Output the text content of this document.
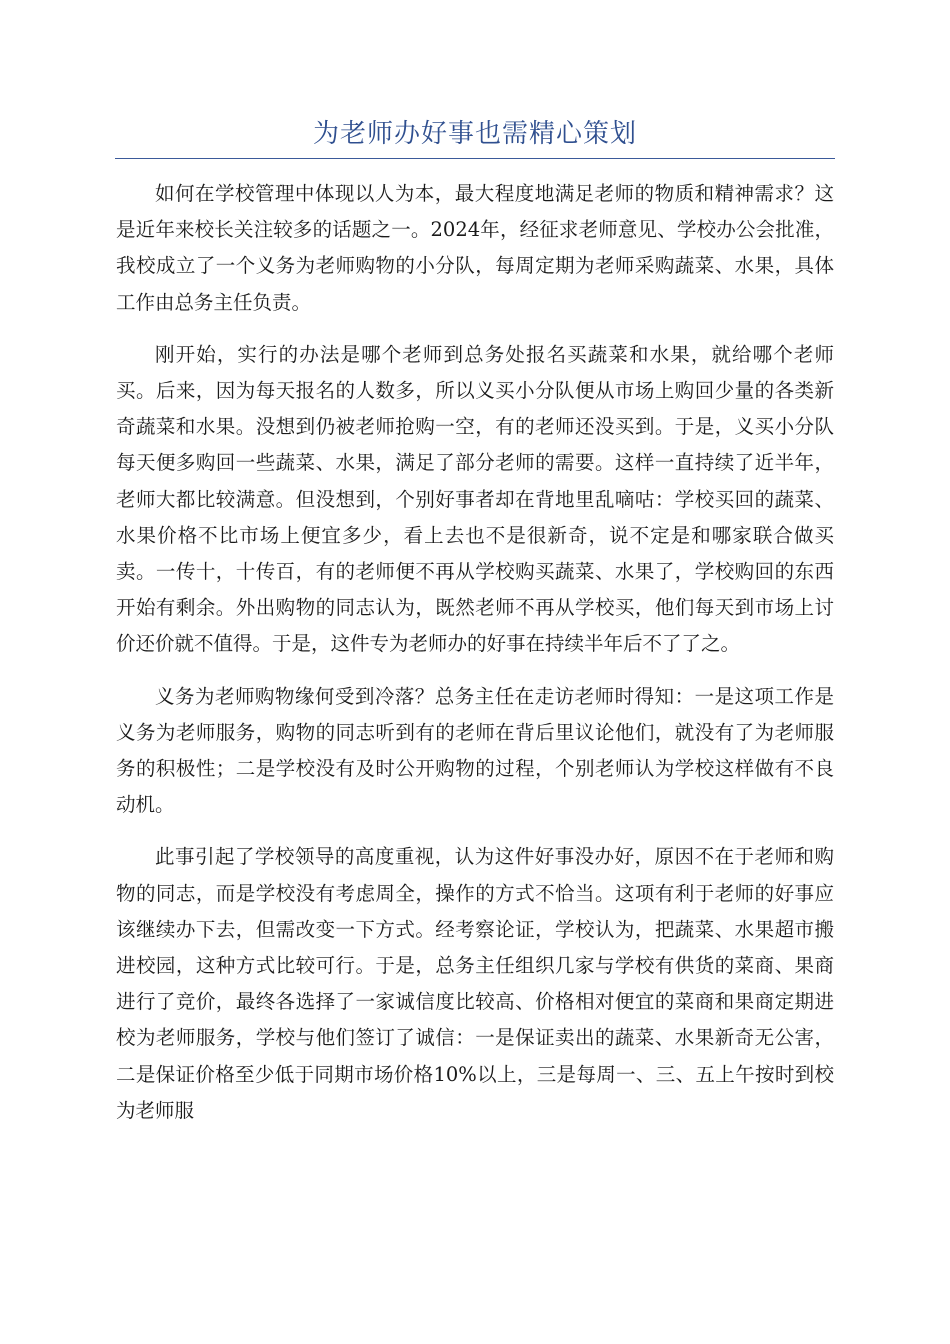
为老师办好事也需精心策划

如何在学校管理中体现以人为本，最大程度地满足老师的物质和精神需求？这是近年来校长关注较多的话题之一。2024年，经征求老师意见、学校办公会批准，我校成立了一个义务为老师购物的小分队，每周定期为老师采购蔬菜、水果，具体工作由总务主任负责。

刚开始，实行的办法是哪个老师到总务处报名买蔬菜和水果，就给哪个老师买。后来，因为每天报名的人数多，所以义买小分队便从市场上购回少量的各类新奇蔬菜和水果。没想到仍被老师抢购一空，有的老师还没买到。于是，义买小分队每天便多购回一些蔬菜、水果，满足了部分老师的需要。这样一直持续了近半年，老师大都比较满意。但没想到，个别好事者却在背地里乱嘀咕：学校买回的蔬菜、水果价格不比市场上便宜多少，看上去也不是很新奇，说不定是和哪家联合做买卖。一传十，十传百，有的老师便不再从学校购买蔬菜、水果了，学校购回的东西开始有剩余。外出购物的同志认为，既然老师不再从学校买，他们每天到市场上讨价还价就不值得。于是，这件专为老师办的好事在持续半年后不了了之。

义务为老师购物缘何受到冷落？总务主任在走访老师时得知：一是这项工作是义务为老师服务，购物的同志听到有的老师在背后里议论他们，就没有了为老师服务的积极性；二是学校没有及时公开购物的过程，个别老师认为学校这样做有不良动机。

此事引起了学校领导的高度重视，认为这件好事没办好，原因不在于老师和购物的同志，而是学校没有考虑周全，操作的方式不恰当。这项有利于老师的好事应该继续办下去，但需改变一下方式。经考察论证，学校认为，把蔬菜、水果超市搬进校园，这种方式比较可行。于是，总务主任组织几家与学校有供货的菜商、果商进行了竞价，最终各选择了一家诚信度比较高、价格相对便宜的菜商和果商定期进校为老师服务，学校与他们签订了诚信：一是保证卖出的蔬菜、水果新奇无公害，二是保证价格至少低于同期市场价格10%以上，三是每周一、三、五上午按时到校为老师服
